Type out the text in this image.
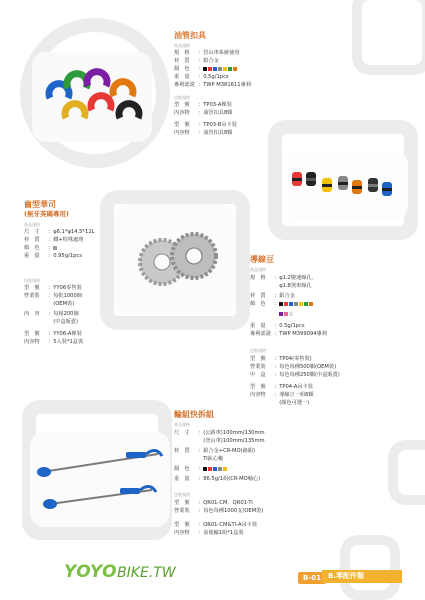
油管扣具
產品規格
規　格 ：管山車系統使用
材　質 ：鋁合金
顏　色 ：
重　量 ：0.5g/1pcs
專利認證 ：TWP M381611專利
包裝規格
型　號 ：TP03-A裸裝
內容物 ：油管扣具8顆
型　號 ：TP03-B吊卡裝
內容物 ：油管扣具8顆
齒型華司
(無牙英碼專用)
產品規格
尺　寸 ：φ6.1*φ14.5*12L
材　質 ：鐵+特殊處理
顏　色 ：
重　量 ：0.95g/1pcs
包裝規格
型　號 ：YY06零售裝
營業裝 ：每批1000個
　(OEM裝)
內　容 ：每箱200個
　(中盒販賣)
型　號 ：YY06-A裸裝
內容物 ：5入裝*1盒裝
導線豆
產品規格
規　格 ：φ1.2變速線孔、
　φ1.8煞車線孔
材　質 ：鋁合金
顏　色 ：

重　量 ：0.5g/1pcs
專利認證 ：TWP M399094專利
包裝規格
型　號 ：TP04(零售裝)
營業裝 ：每色每種500顆(OEM裝)
中　盒 ：每色每種250顆(中盒販賣)
型　號 ：TP04-A吊卡裝
內容物 ：導線豆一組6顆
　(顏色可選一)
輪組快拆組
產品規格
尺　寸 ：(公路車)100mm/130mm
　(登山車)100mm/135mm
材　質 ：鋁合金+CR-MO(鉻鉬)
　Ti鈦心軸
顏　色 ：
重　量 ：86.5g/1組(CR-MO軸心)
包裝規格
型　號 ：QR01-CM、QR01-Ti
營業裝 ：每色每種1000支(OEM裝)
型　號 ：QR01-CM&TI-A吊卡裝
內容物 ：前後輪1組*1盒裝
YOYOBIKE.TW	B-01	B.零配件類
